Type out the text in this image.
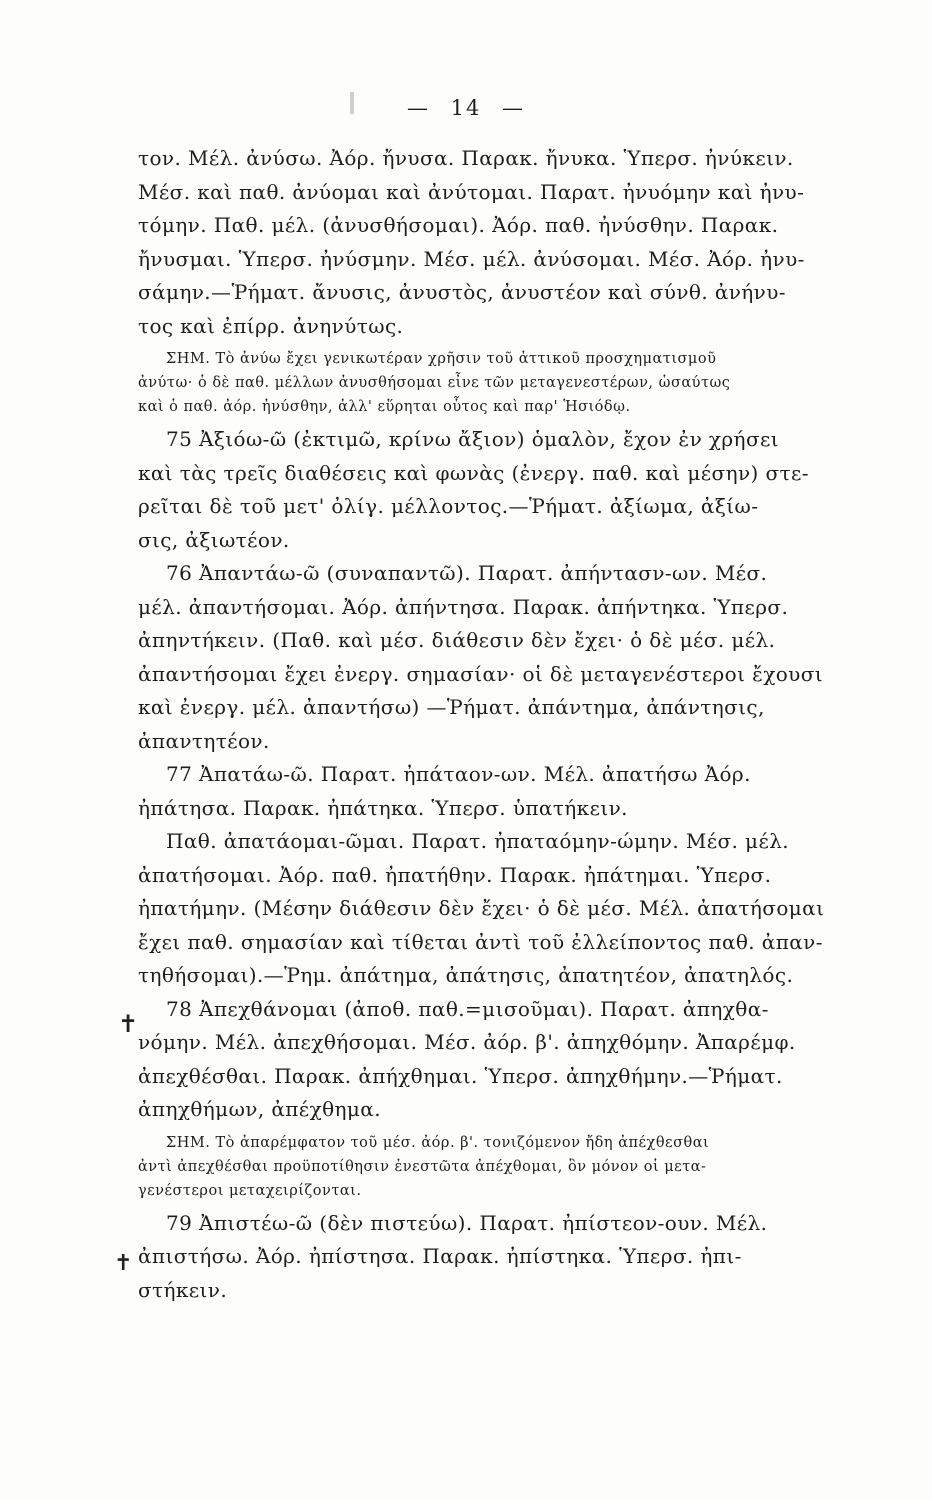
— 14 —
✝
✝
τον. Μέλ. ἀνύσω. Ἀόρ. ἤνυσα. Παρακ. ἤνυκα. Ὑπερσ. ἠνύκειν.
Μέσ. καὶ παθ. ἀνύομαι καὶ ἀνύτομαι. Παρατ. ἠνυόμην καὶ ἠνυ-
τόμην. Παθ. μέλ. (ἀνυσθήσομαι). Ἀόρ. παθ. ἠνύσθην. Παρακ.
ἤνυσμαι. Ὑπερσ. ἠνύσμην. Μέσ. μέλ. ἀνύσομαι. Μέσ. Ἀόρ. ἠνυ-
σάμην.—Ῥήματ. ἄνυσις, ἀνυστὸς, ἀνυστέον καὶ σύνθ. ἀνήνυ-
τος καὶ ἐπίρρ. ἀνηνύτως.
ΣΗΜ. Τὸ ἀνύω ἔχει γενικωτέραν χρῆσιν τοῦ ἀττικοῦ προσχηματισμοῦ
ἀνύτω· ὁ δὲ παθ. μέλλων ἀνυσθήσομαι εἶνε τῶν μεταγενεστέρων, ὡσαύτως
καὶ ὁ παθ. ἀόρ. ἠνύσθην, ἀλλ' εὕρηται οὗτος καὶ παρ' Ἡσιόδῳ.
75 Ἀξιόω-ῶ (ἐκτιμῶ, κρίνω ἄξιον) ὁμαλὸν, ἔχον ἐν χρήσει
καὶ τὰς τρεῖς διαθέσεις καὶ φωνὰς (ἐνεργ. παθ. καὶ μέσην) στε-
ρεῖται δὲ τοῦ μετ' ὀλίγ. μέλλοντος.—Ῥήματ. ἀξίωμα, ἀξίω-
σις, ἀξιωτέον.
76 Ἀπαντάω-ῶ (συναπαντῶ). Παρατ. ἀπήντασν-ων. Μέσ.
μέλ. ἀπαντήσομαι. Ἀόρ. ἀπήντησα. Παρακ. ἀπήντηκα. Ὑπερσ.
ἀπηντήκειν. (Παθ. καὶ μέσ. διάθεσιν δὲν ἔχει· ὁ δὲ μέσ. μέλ.
ἀπαντήσομαι ἔχει ἐνεργ. σημασίαν· οἱ δὲ μεταγενέστεροι ἔχουσι
καὶ ἐνεργ. μέλ. ἀπαντήσω) —Ῥήματ. ἀπάντημα, ἀπάντησις,
ἀπαντητέον.
77 Ἀπατάω-ῶ. Παρατ. ἠπάταον-ων. Μέλ. ἀπατήσω Ἀόρ.
ἠπάτησα. Παρακ. ἠπάτηκα. Ὑπερσ. ὑπατήκειν.
Παθ. ἀπατάομαι-ῶμαι. Παρατ. ἠπαταόμην-ώμην. Μέσ. μέλ.
ἀπατήσομαι. Ἀόρ. παθ. ἠπατήθην. Παρακ. ἠπάτημαι. Ὑπερσ.
ἠπατήμην. (Μέσην διάθεσιν δὲν ἔχει· ὁ δὲ μέσ. Μέλ. ἀπατήσομαι
ἔχει παθ. σημασίαν καὶ τίθεται ἀντὶ τοῦ ἐλλείποντος παθ. ἀπαν-
τηθήσομαι).—Ῥημ. ἀπάτημα, ἀπάτησις, ἀπατητέον, ἀπατηλός.
78 Ἀπεχθάνομαι (ἀποθ. παθ.=μισοῦμαι). Παρατ. ἀπηχθα-
νόμην. Μέλ. ἀπεχθήσομαι. Μέσ. ἀόρ. β'. ἀπηχθόμην. Ἀπαρέμφ.
ἀπεχθέσθαι. Παρακ. ἀπήχθημαι. Ὑπερσ. ἀπηχθήμην.—Ῥήματ.
ἀπηχθήμων, ἀπέχθημα.
ΣΗΜ. Τὸ ἀπαρέμφατον τοῦ μέσ. ἀόρ. β'. τονιζόμενον ἤδη ἀπέχθεσθαι
ἀντὶ ἀπεχθέσθαι προϋποτίθησιν ἐνεστῶτα ἀπέχθομαι, ὃν μόνον οἱ μετα-
γενέστεροι μεταχειρίζονται.
79 Ἀπιστέω-ῶ (δὲν πιστεύω). Παρατ. ἠπίστεον-ουν. Μέλ.
ἀπιστήσω. Ἀόρ. ἠπίστησα. Παρακ. ἠπίστηκα. Ὑπερσ. ἠπι-
στήκειν.
